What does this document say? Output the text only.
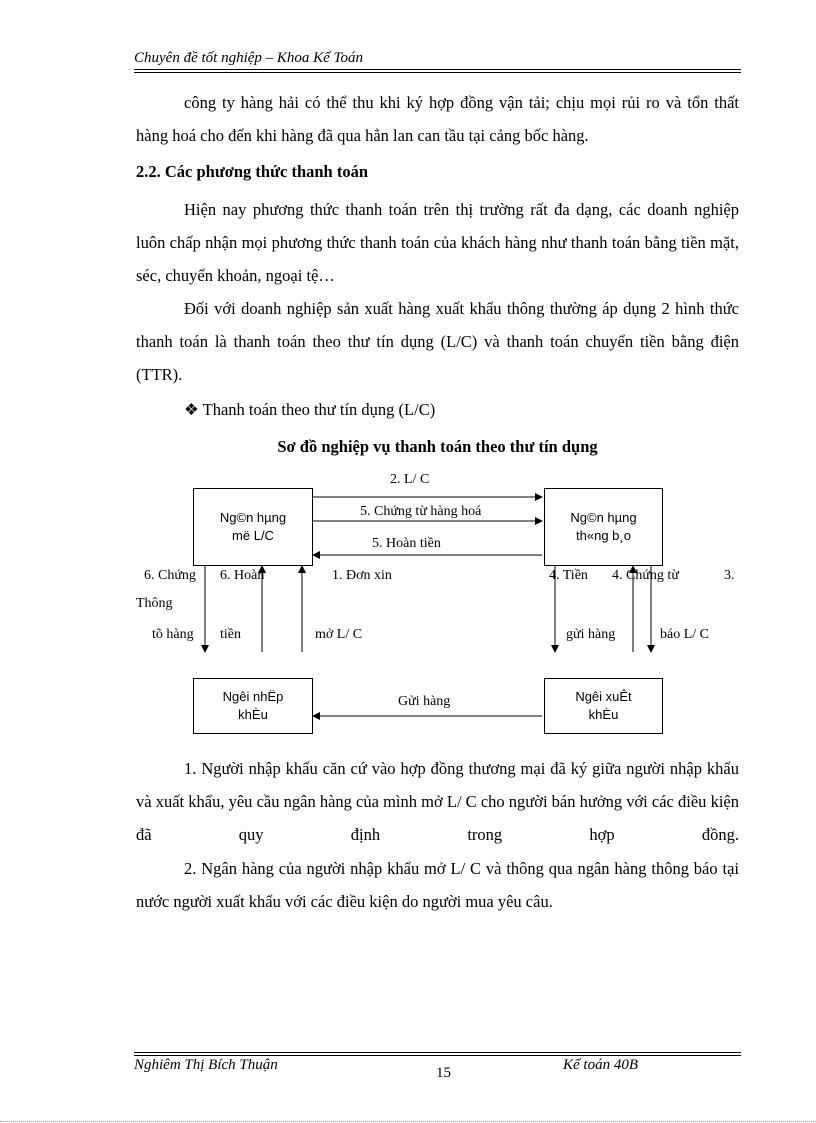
Chuyên đề tốt nghiệp – Khoa Kế Toán
công ty hàng hải có thể thu khi ký hợp đồng vận tải; chịu mọi rủi ro và tổn thất hàng hoá cho đến khi hàng đã qua hẳn lan can tầu tại cảng bốc hàng.
2.2. Các phương thức thanh toán
Hiện nay phương thức thanh toán trên thị trường rất đa dạng, các doanh nghiệp luôn chấp nhận mọi phương thức thanh toán của khách hàng như thanh toán bằng tiền mặt, séc, chuyển khoản, ngoại tệ…
Đối với doanh nghiệp sản xuất hàng xuất khẩu thông thường áp dụng 2 hình thức thanh toán là thanh toán theo thư tín dụng (L/C) và thanh toán chuyển tiền bằng điện (TTR).
❖ Thanh toán theo thư tín dụng (L/C)
Sơ đồ nghiệp vụ thanh toán theo thư tín dụng
Ng©n hµng
më L/C
Ng©n hµng
th«ng b¸o
Ngêi nhËp
khÈu
Ngêi xuÊt
khÈu
2. L/ C
5. Chứng từ hàng hoá
5. Hoàn tiền
6. Chứng
Thông
tõ hàng
6. Hoàn
tiền
1. Đơn xin
mở L/ C
4. Tiền
gửi hàng
4. Chứng từ	3.
báo L/ C
Gửi hàng
1. Người nhập khẩu căn cứ vào hợp đồng thương mại đã ký giữa người nhập khẩu và xuất khẩu, yêu cầu ngân hàng của mình mở L/ C cho người bán hưởng với các điều kiện đã quy định trong hợp đồng.
2. Ngân hàng của người nhập khẩu mở L/ C và thông qua ngân hàng thông báo tại nước người xuất khẩu với các điều kiện do người mua yêu câu.
Nghiêm Thị Bích Thuận	15	Kế toán 40B
